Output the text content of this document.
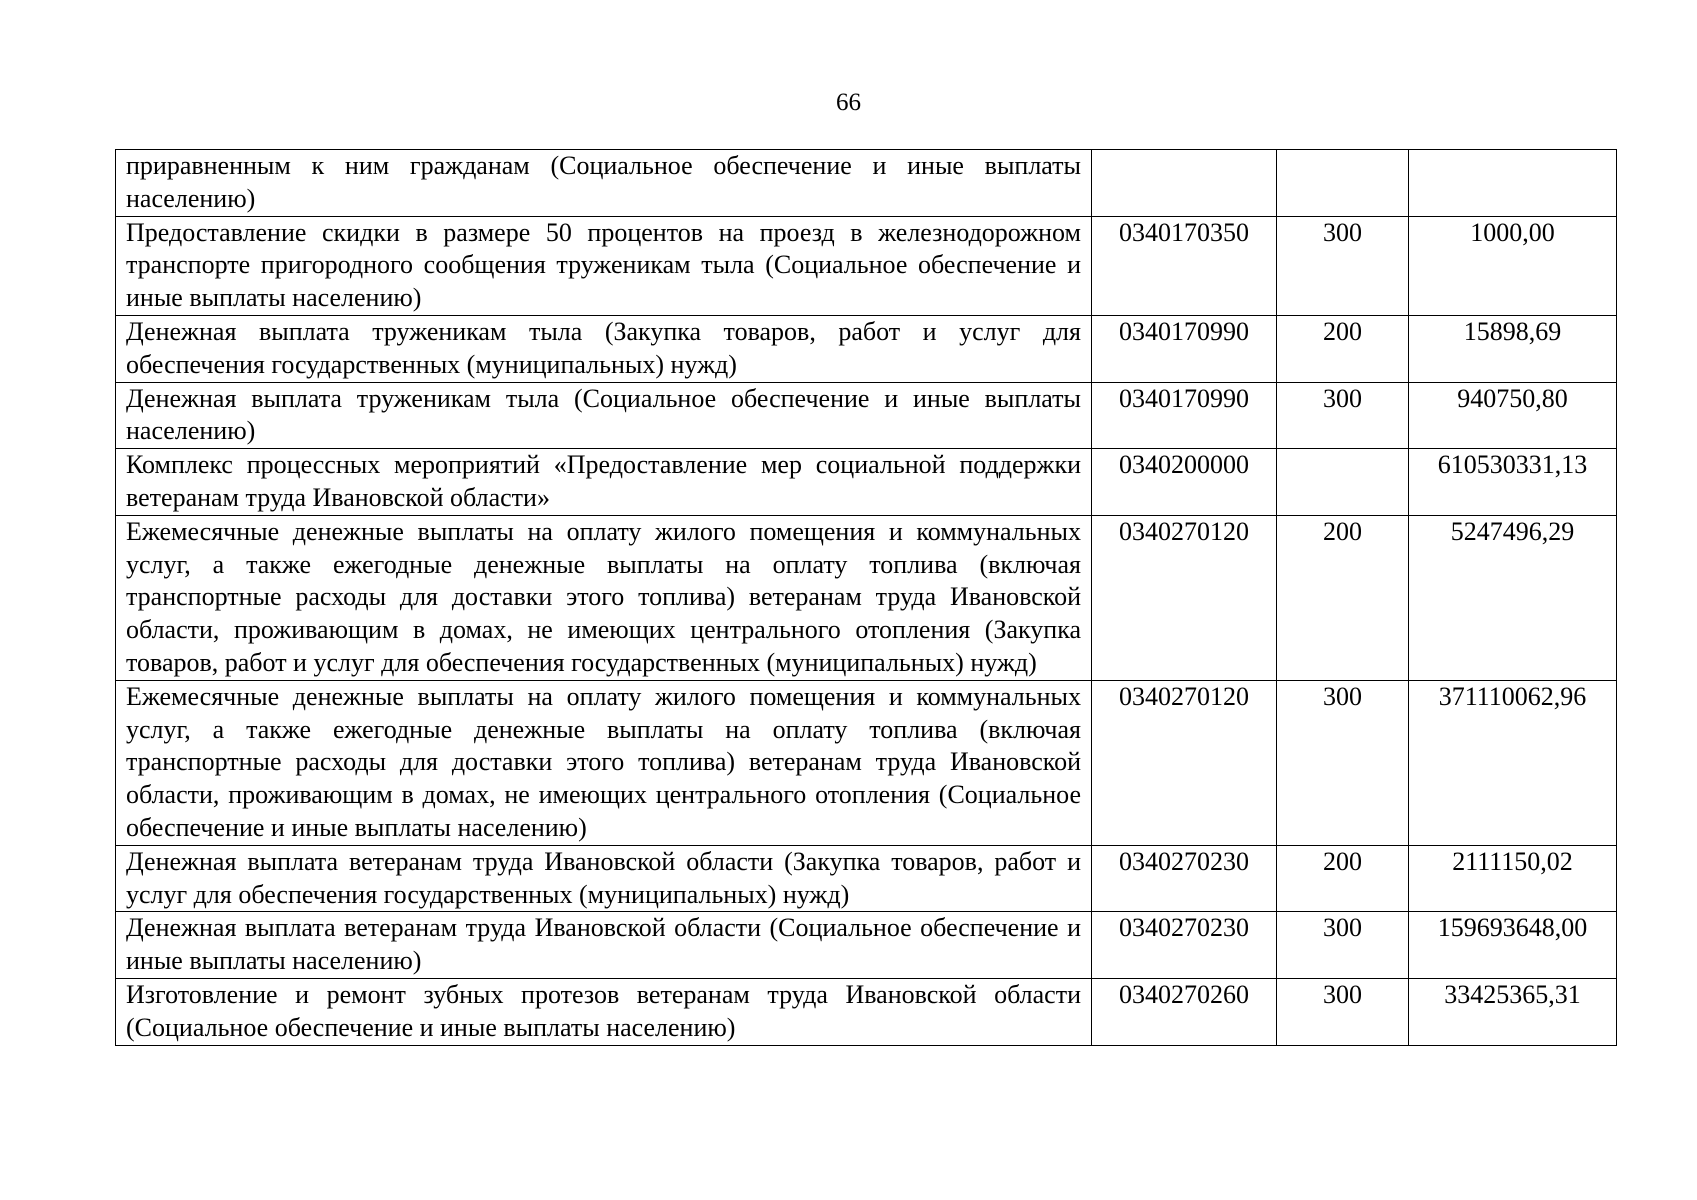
66
приравненным к ним гражданам (Социальное обеспечение и иные выплаты населению)			
Предоставление скидки в размере 50 процентов на проезд в железнодорожном транспорте пригородного сообщения труженикам тыла (Социальное обеспечение и иные выплаты населению)	0340170350	300	1000,00
Денежная выплата труженикам тыла (Закупка товаров, работ и услуг для обеспечения государственных (муниципальных) нужд)	0340170990	200	15898,69
Денежная выплата труженикам тыла (Социальное обеспечение и иные выплаты населению)	0340170990	300	940750,80
Комплекс процессных мероприятий «Предоставление мер социальной поддержки ветеранам труда Ивановской области»	0340200000		610530331,13
Ежемесячные денежные выплаты на оплату жилого помещения и коммунальных услуг, а также ежегодные денежные выплаты на оплату топлива (включая транспортные расходы для доставки этого топлива) ветеранам труда Ивановской области, проживающим в домах, не имеющих центрального отопления (Закупка товаров, работ и услуг для обеспечения государственных (муниципальных) нужд)	0340270120	200	5247496,29
Ежемесячные денежные выплаты на оплату жилого помещения и коммунальных услуг, а также ежегодные денежные выплаты на оплату топлива (включая транспортные расходы для доставки этого топлива) ветеранам труда Ивановской области, проживающим в домах, не имеющих центрального отопления (Социальное обеспечение и иные выплаты населению)	0340270120	300	371110062,96
Денежная выплата ветеранам труда Ивановской области (Закупка товаров, работ и услуг для обеспечения государственных (муниципальных) нужд)	0340270230	200	2111150,02
Денежная выплата ветеранам труда Ивановской области (Социальное обеспечение и иные выплаты населению)	0340270230	300	159693648,00
Изготовление и ремонт зубных протезов ветеранам труда Ивановской области (Социальное обеспечение и иные выплаты населению)	0340270260	300	33425365,31
